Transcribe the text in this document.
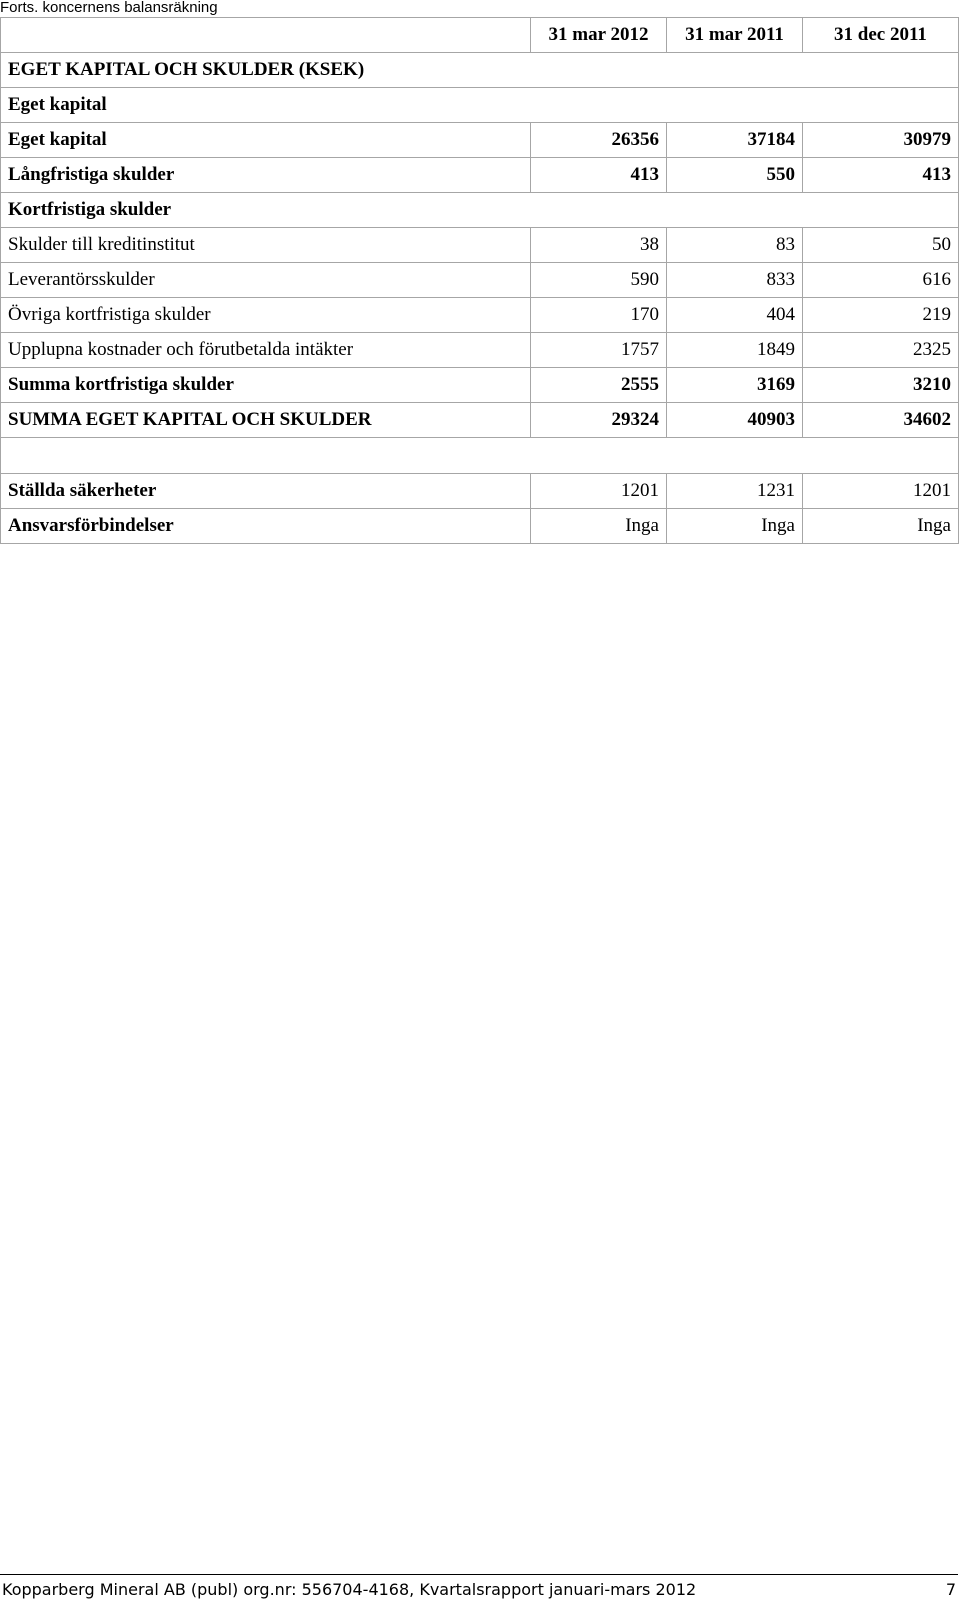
Forts. koncernens balansräkning
	31 mar 2012	31 mar 2011	31 dec 2011
EGET KAPITAL OCH SKULDER (KSEK)			
Eget kapital			
Eget kapital	26356	37184	30979
Långfristiga skulder	413	550	413
Kortfristiga skulder			
Skulder till kreditinstitut	38	83	50
Leverantörsskulder	590	833	616
Övriga kortfristiga skulder	170	404	219
Upplupna kostnader och förutbetalda intäkter	1757	1849	2325
Summa kortfristiga skulder	2555	3169	3210
SUMMA EGET KAPITAL OCH SKULDER	29324	40903	34602

Ställda säkerheter	1201	1231	1201
Ansvarsförbindelser	Inga	Inga	Inga
Kopparberg Mineral AB (publ) org.nr: 556704-4168, Kvartalsrapport januari-mars 2012	7
